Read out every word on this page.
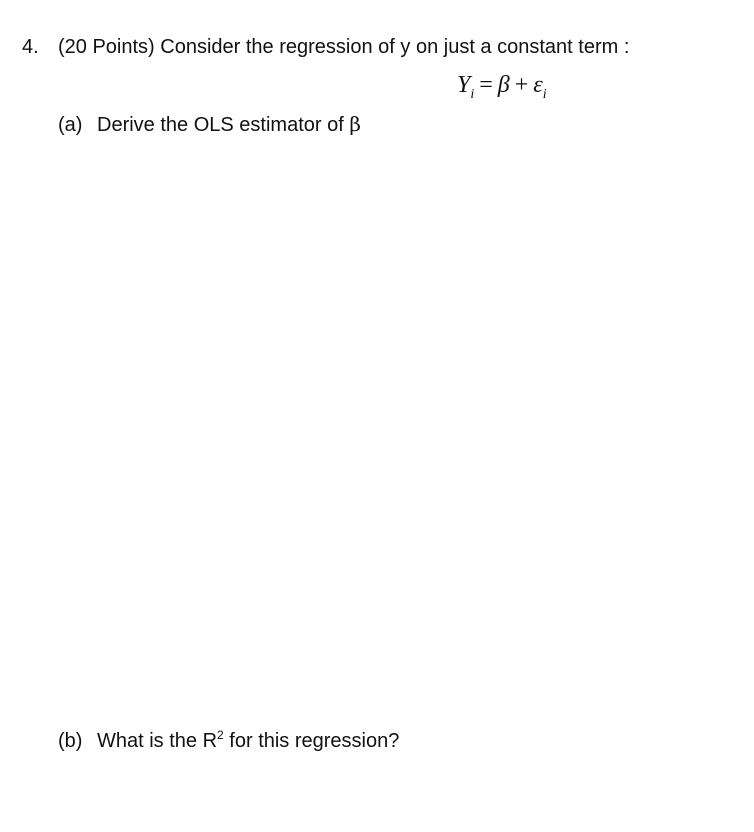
4. (20 Points) Consider the regression of y on just a constant term :
$Y_i = \beta + \varepsilon_i$
(a) Derive the OLS estimator of β
(b) What is the $R^2$ for this regression?
